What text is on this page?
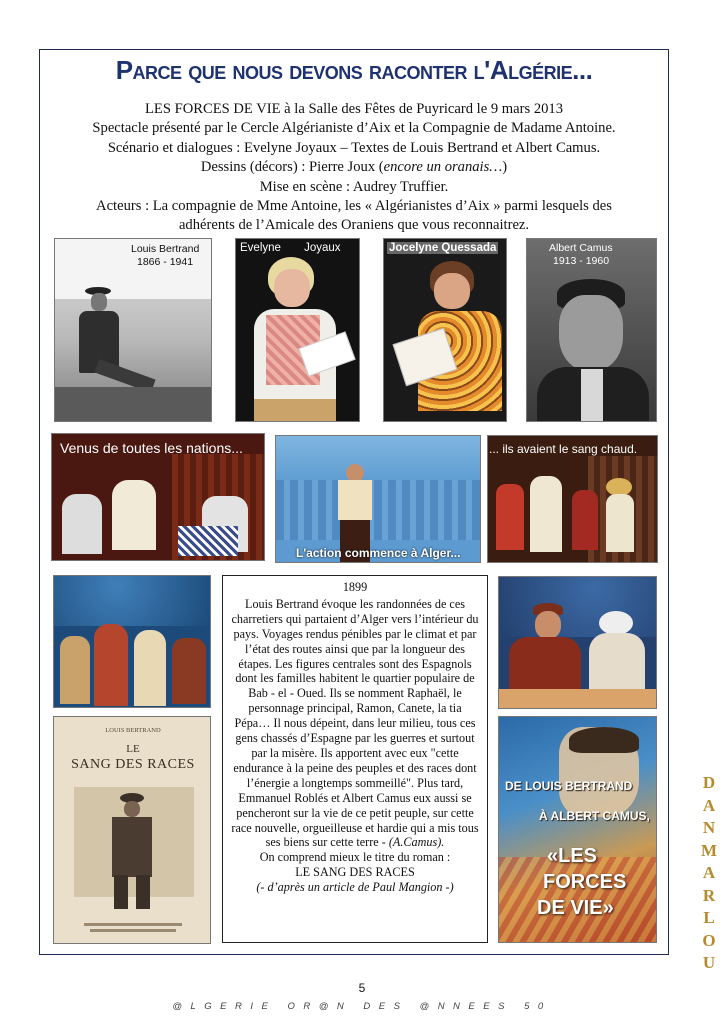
Parce que nous devons raconter l'Algérie...

LES FORCES DE VIE à la Salle des Fêtes de Puyricard le 9 mars 2013

Spectacle présenté par le Cercle Algérianiste d’Aix et la Compagnie de Madame Antoine.

Scénario et dialogues : Evelyne Joyaux – Textes de Louis Bertrand et Albert Camus.

Dessins (décors) : Pierre Joux (encore un oranais…)

Mise en scène : Audrey Truffier.

Acteurs : La compagnie de Mme Antoine, les « Algérianistes d’Aix » parmi lesquels des

adhérents de l’Amicale des Oraniens que vous reconnaitrez.

Louis Bertrand
1866 - 1941
Evelyne Joyaux	Jocelyne Quessada	Albert Camus
1913 - 1960
Venus de toutes les nations...
L'action commence à Alger...
... ils avaient le sang chaud.
LOUIS BERTRAND
LE
SANG DES RACES
DE LOUIS BERTRAND
À ALBERT CAMUS,
«LES
FORCES
DE VIE»
1899
Louis Bertrand évoque les randonnées de ces charretiers qui partaient d’Alger vers l’intérieur du pays. Voyages rendus pénibles par le climat et par l’état des routes ainsi que par la longueur des étapes. Les figures centrales sont des Espagnols dont les familles habitent le quartier populaire de Bab - el - Oued. Ils se nomment Raphaël, le personnage principal, Ramon, Canete, la tia Pépa… Il nous dépeint, dans leur milieu, tous ces gens chassés d’Espagne par les guerres et surtout par la misère. Ils apportent avec eux "cette endurance à la peine des peuples et des races dont l’énergie a longtemps sommeillé". Plus tard, Emmanuel Roblés et Albert Camus eux aussi se pencheront sur la vie de ce petit peuple, sur cette race nouvelle, orgueilleuse et hardie qui a mis tous ses biens sur cette terre - (A.Camus).
On comprend mieux le titre du roman :
LE SANG DES RACES
(- d’après un article de Paul Mangion -)
5
@LGERIE OR@N DES @NNEES 50
D
A
N
M
A
R
L
O
U
